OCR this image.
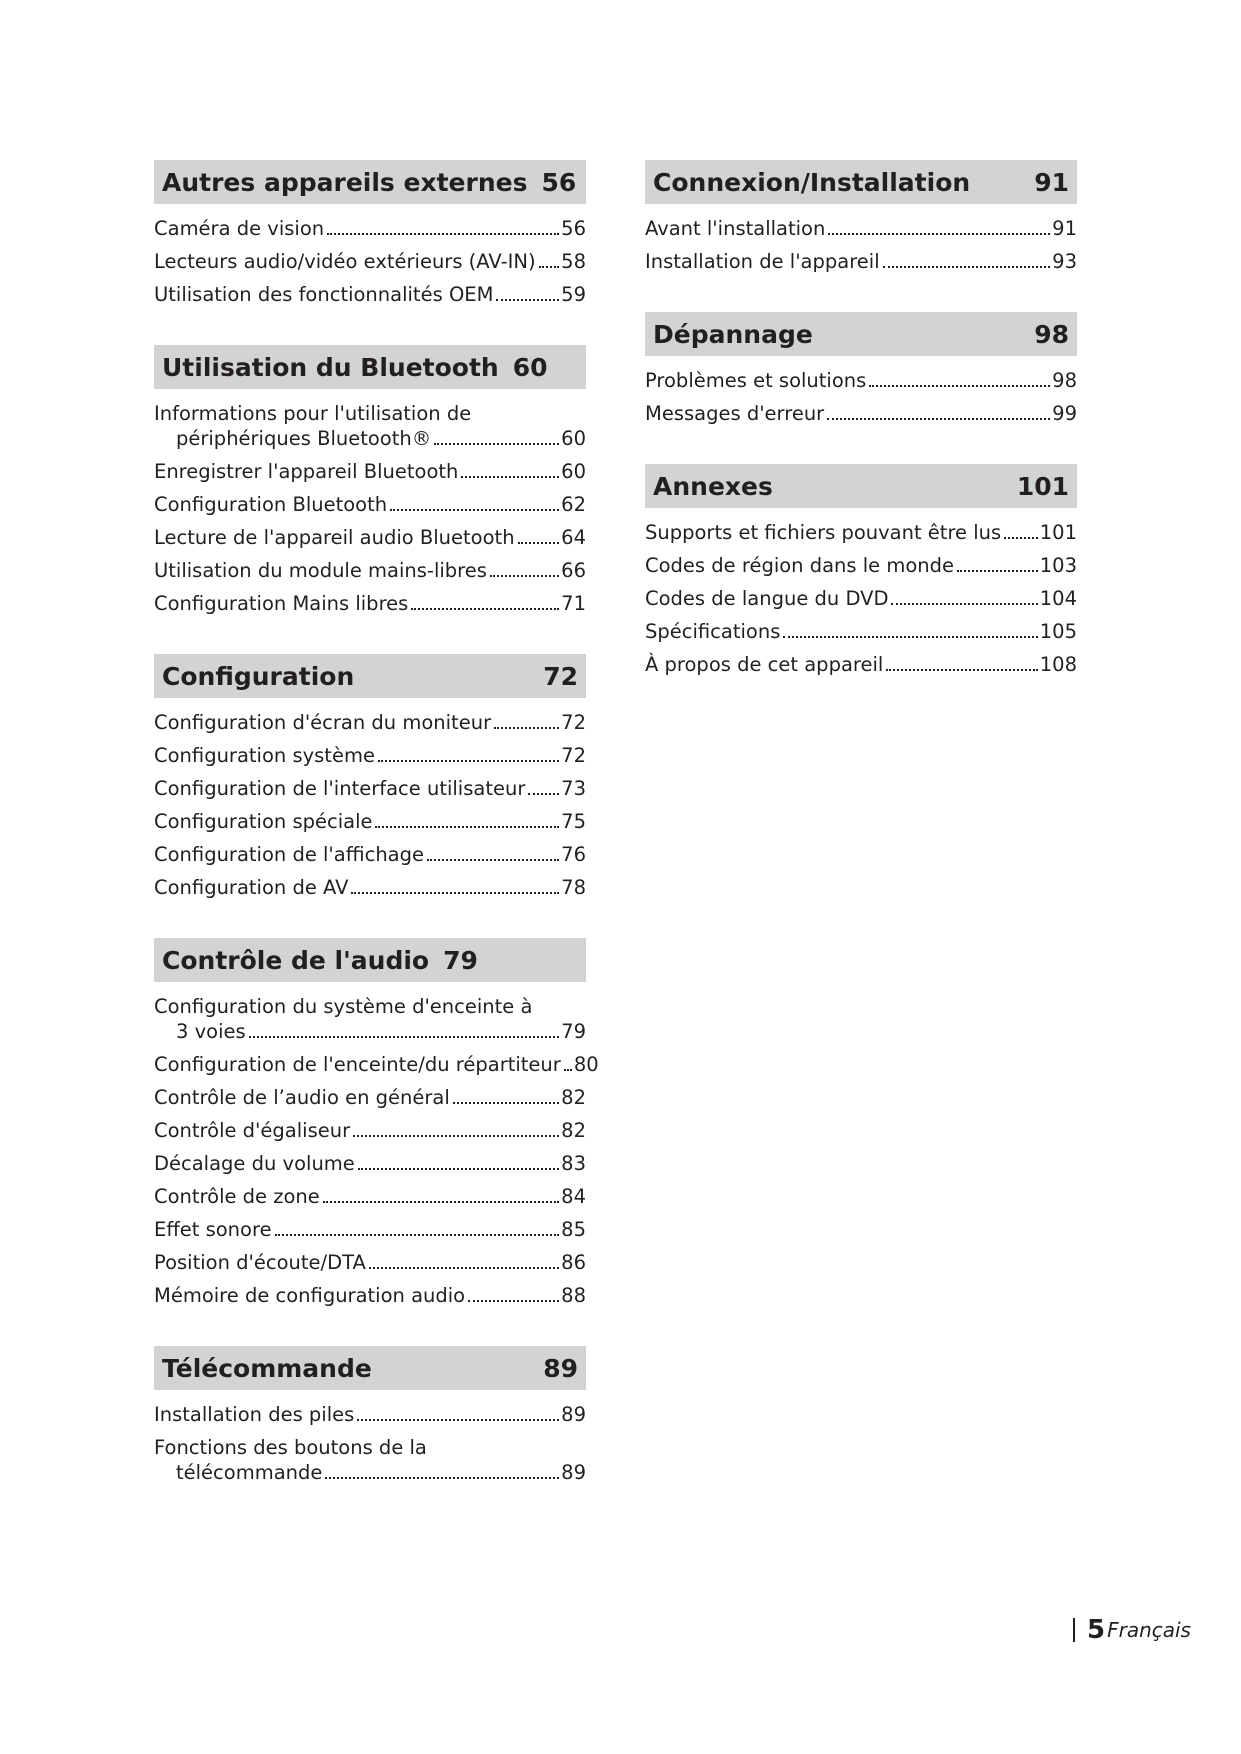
Autres appareils externes 56
Caméra de vision	56
Lecteurs audio/vidéo extérieurs (AV-IN) 58
Utilisation des fonctionnalités OEM	59
Utilisation du Bluetooth 60
Informations pour l'utilisation de
périphériques Bluetooth®	60
Enregistrer l'appareil Bluetooth	60
Configuration Bluetooth	62
Lecture de l'appareil audio Bluetooth 64
Utilisation du module mains-libres	66
Configuration Mains libres	71
Configuration	72
Configuration d'écran du moniteur	72
Configuration système	72
Configuration de l'interface utilisateur 73
Configuration spéciale	75
Configuration de l'affichage	76
Configuration de AV	78
Contrôle de l'audio 79
Configuration du système d'enceinte à
3 voies	79
Configuration de l'enceinte/du répartiteur 80
Contrôle de l’audio en général	82
Contrôle d'égaliseur	82
Décalage du volume	83
Contrôle de zone	84
Effet sonore	85
Position d'écoute/DTA	86
Mémoire de configuration audio	88
Télécommande	89
Installation des piles	89
Fonctions des boutons de la
télécommande	89
Connexion/Installation	91
Avant l'installation	91
Installation de l'appareil	93
Dépannage	98
Problèmes et solutions	98
Messages d'erreur	99
Annexes	101
Supports et fichiers pouvant être lus 101
Codes de région dans le monde	103
Codes de langue du DVD	104
Spécifications	105
À propos de cet appareil	108
5 Français
